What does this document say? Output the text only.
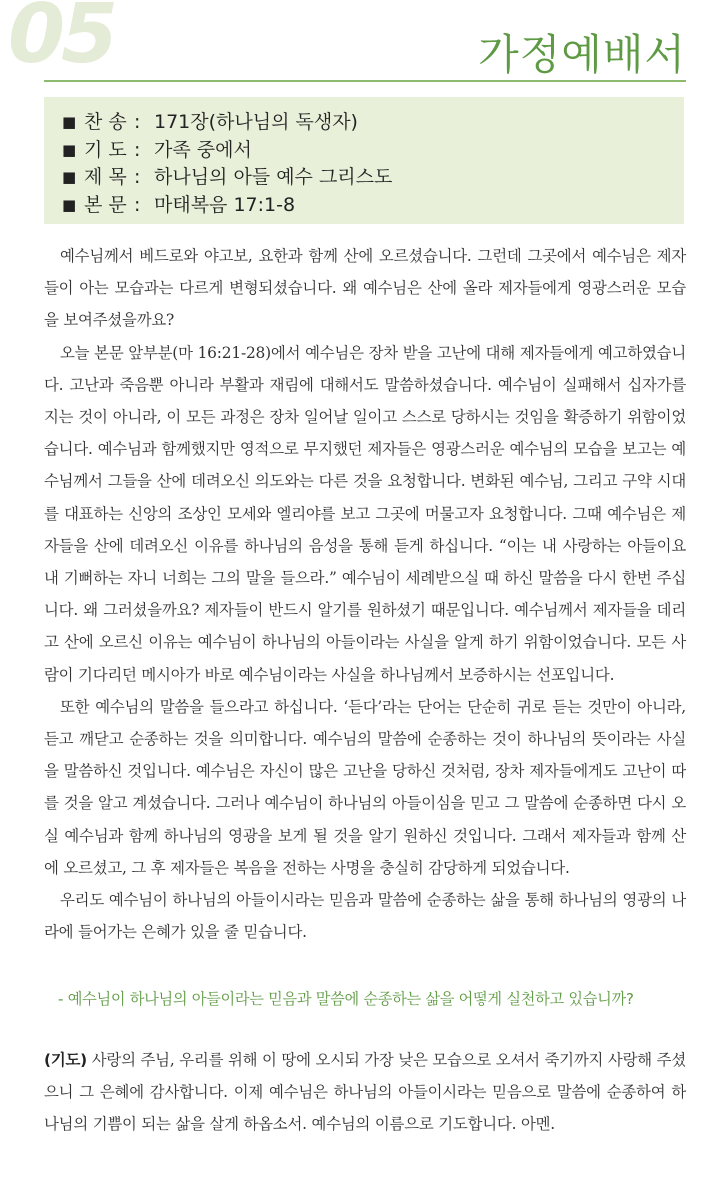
05	가정예배서
■ 찬 송 : 171장(하나님의 독생자)
■ 기 도 : 가족 중에서
■ 제 목 : 하나님의 아들 예수 그리스도
■ 본 문 : 마태복음 17:1-8

예수님께서 베드로와 야고보, 요한과 함께 산에 오르셨습니다. 그런데 그곳에서 예수님은 제자들이 아는 모습과는 다르게 변형되셨습니다. 왜 예수님은 산에 올라 제자들에게 영광스러운 모습을 보여주셨을까요?

오늘 본문 앞부분(마 16:21-28)에서 예수님은 장차 받을 고난에 대해 제자들에게 예고하였습니다. 고난과 죽음뿐 아니라 부활과 재림에 대해서도 말씀하셨습니다. 예수님이 실패해서 십자가를 지는 것이 아니라, 이 모든 과정은 장차 일어날 일이고 스스로 당하시는 것임을 확증하기 위함이었습니다. 예수님과 함께했지만 영적으로 무지했던 제자들은 영광스러운 예수님의 모습을 보고는 예수님께서 그들을 산에 데려오신 의도와는 다른 것을 요청합니다. 변화된 예수님, 그리고 구약 시대를 대표하는 신앙의 조상인 모세와 엘리야를 보고 그곳에 머물고자 요청합니다. 그때 예수님은 제자들을 산에 데려오신 이유를 하나님의 음성을 통해 듣게 하십니다. “이는 내 사랑하는 아들이요 내 기뻐하는 자니 너희는 그의 말을 들으라.” 예수님이 세례받으실 때 하신 말씀을 다시 한번 주십니다. 왜 그러셨을까요? 제자들이 반드시 알기를 원하셨기 때문입니다. 예수님께서 제자들을 데리고 산에 오르신 이유는 예수님이 하나님의 아들이라는 사실을 알게 하기 위함이었습니다. 모든 사람이 기다리던 메시아가 바로 예수님이라는 사실을 하나님께서 보증하시는 선포입니다.

또한 예수님의 말씀을 들으라고 하십니다. ‘듣다’라는 단어는 단순히 귀로 듣는 것만이 아니라, 듣고 깨닫고 순종하는 것을 의미합니다. 예수님의 말씀에 순종하는 것이 하나님의 뜻이라는 사실을 말씀하신 것입니다. 예수님은 자신이 많은 고난을 당하신 것처럼, 장차 제자들에게도 고난이 따를 것을 알고 계셨습니다. 그러나 예수님이 하나님의 아들이심을 믿고 그 말씀에 순종하면 다시 오실 예수님과 함께 하나님의 영광을 보게 될 것을 알기 원하신 것입니다. 그래서 제자들과 함께 산에 오르셨고, 그 후 제자들은 복음을 전하는 사명을 충실히 감당하게 되었습니다.

우리도 예수님이 하나님의 아들이시라는 믿음과 말씀에 순종하는 삶을 통해 하나님의 영광의 나라에 들어가는 은혜가 있을 줄 믿습니다.

- 예수님이 하나님의 아들이라는 믿음과 말씀에 순종하는 삶을 어떻게 실천하고 있습니까?
(기도) 사랑의 주님, 우리를 위해 이 땅에 오시되 가장 낮은 모습으로 오셔서 죽기까지 사랑해 주셨으니 그 은혜에 감사합니다. 이제 예수님은 하나님의 아들이시라는 믿음으로 말씀에 순종하여 하나님의 기쁨이 되는 삶을 살게 하옵소서. 예수님의 이름으로 기도합니다. 아멘.
